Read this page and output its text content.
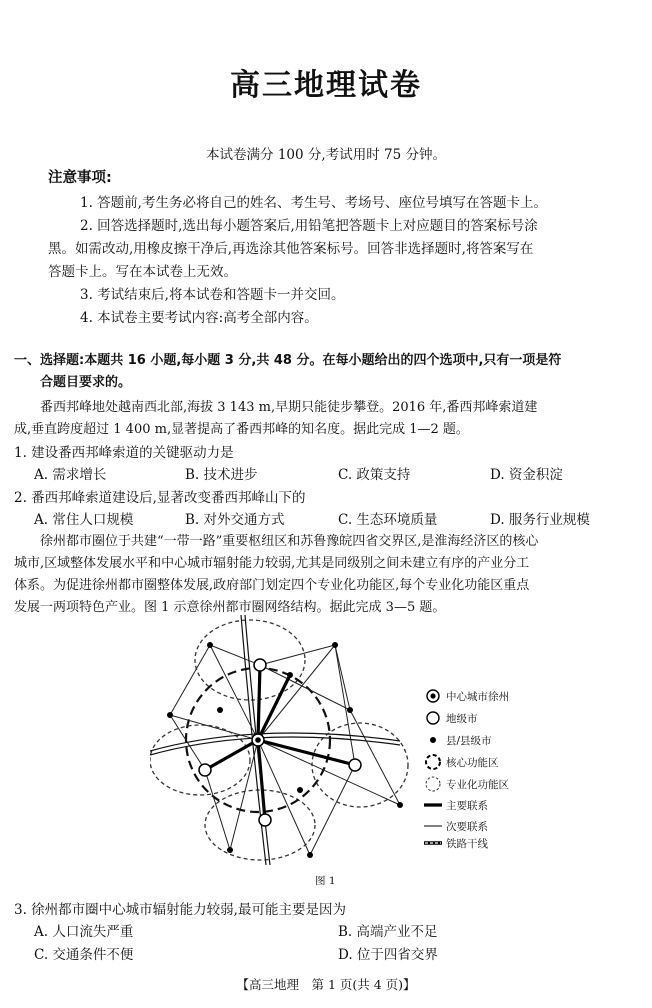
高三地理试卷
本试卷满分 100 分,考试用时 75 分钟。
注意事项:
1. 答题前,考生务必将自己的姓名、考生号、考场号、座位号填写在答题卡上。
2. 回答选择题时,选出每小题答案后,用铅笔把答题卡上对应题目的答案标号涂
黑。如需改动,用橡皮擦干净后,再选涂其他答案标号。回答非选择题时,将答案写在
答题卡上。写在本试卷上无效。
3. 考试结束后,将本试卷和答题卡一并交回。
4. 本试卷主要考试内容:高考全部内容。
一、选择题:本题共 16 小题,每小题 3 分,共 48 分。在每小题给出的四个选项中,只有一项是符
合题目要求的。
番西邦峰地处越南西北部,海拔 3 143 m,早期只能徒步攀登。2016 年,番西邦峰索道建
成,垂直跨度超过 1 400 m,显著提高了番西邦峰的知名度。据此完成 1—2 题。
1. 建设番西邦峰索道的关键驱动力是
A. 需求增长	B. 技术进步	C. 政策支持	D. 资金积淀
2. 番西邦峰索道建设后,显著改变番西邦峰山下的
A. 常住人口规模	B. 对外交通方式	C. 生态环境质量	D. 服务行业规模
徐州都市圈位于共建“一带一路”重要枢纽区和苏鲁豫皖四省交界区,是淮海经济区的核心
城市,区域整体发展水平和中心城市辐射能力较弱,尤其是同级别之间未建立有序的产业分工
体系。为促进徐州都市圈整体发展,政府部门划定四个专业化功能区,每个专业化功能区重点
发展一两项特色产业。图 1 示意徐州都市圈网络结构。据此完成 3—5 题。
中心城市徐州
地级市
县/县级市
核心功能区
专业化功能区
主要联系
次要联系
铁路干线
图 1
3. 徐州都市圈中心城市辐射能力较弱,最可能主要是因为
A. 人口流失严重	B. 高端产业不足
C. 交通条件不便	D. 位于四省交界
【高三地理　第 1 页(共 4 页)】
